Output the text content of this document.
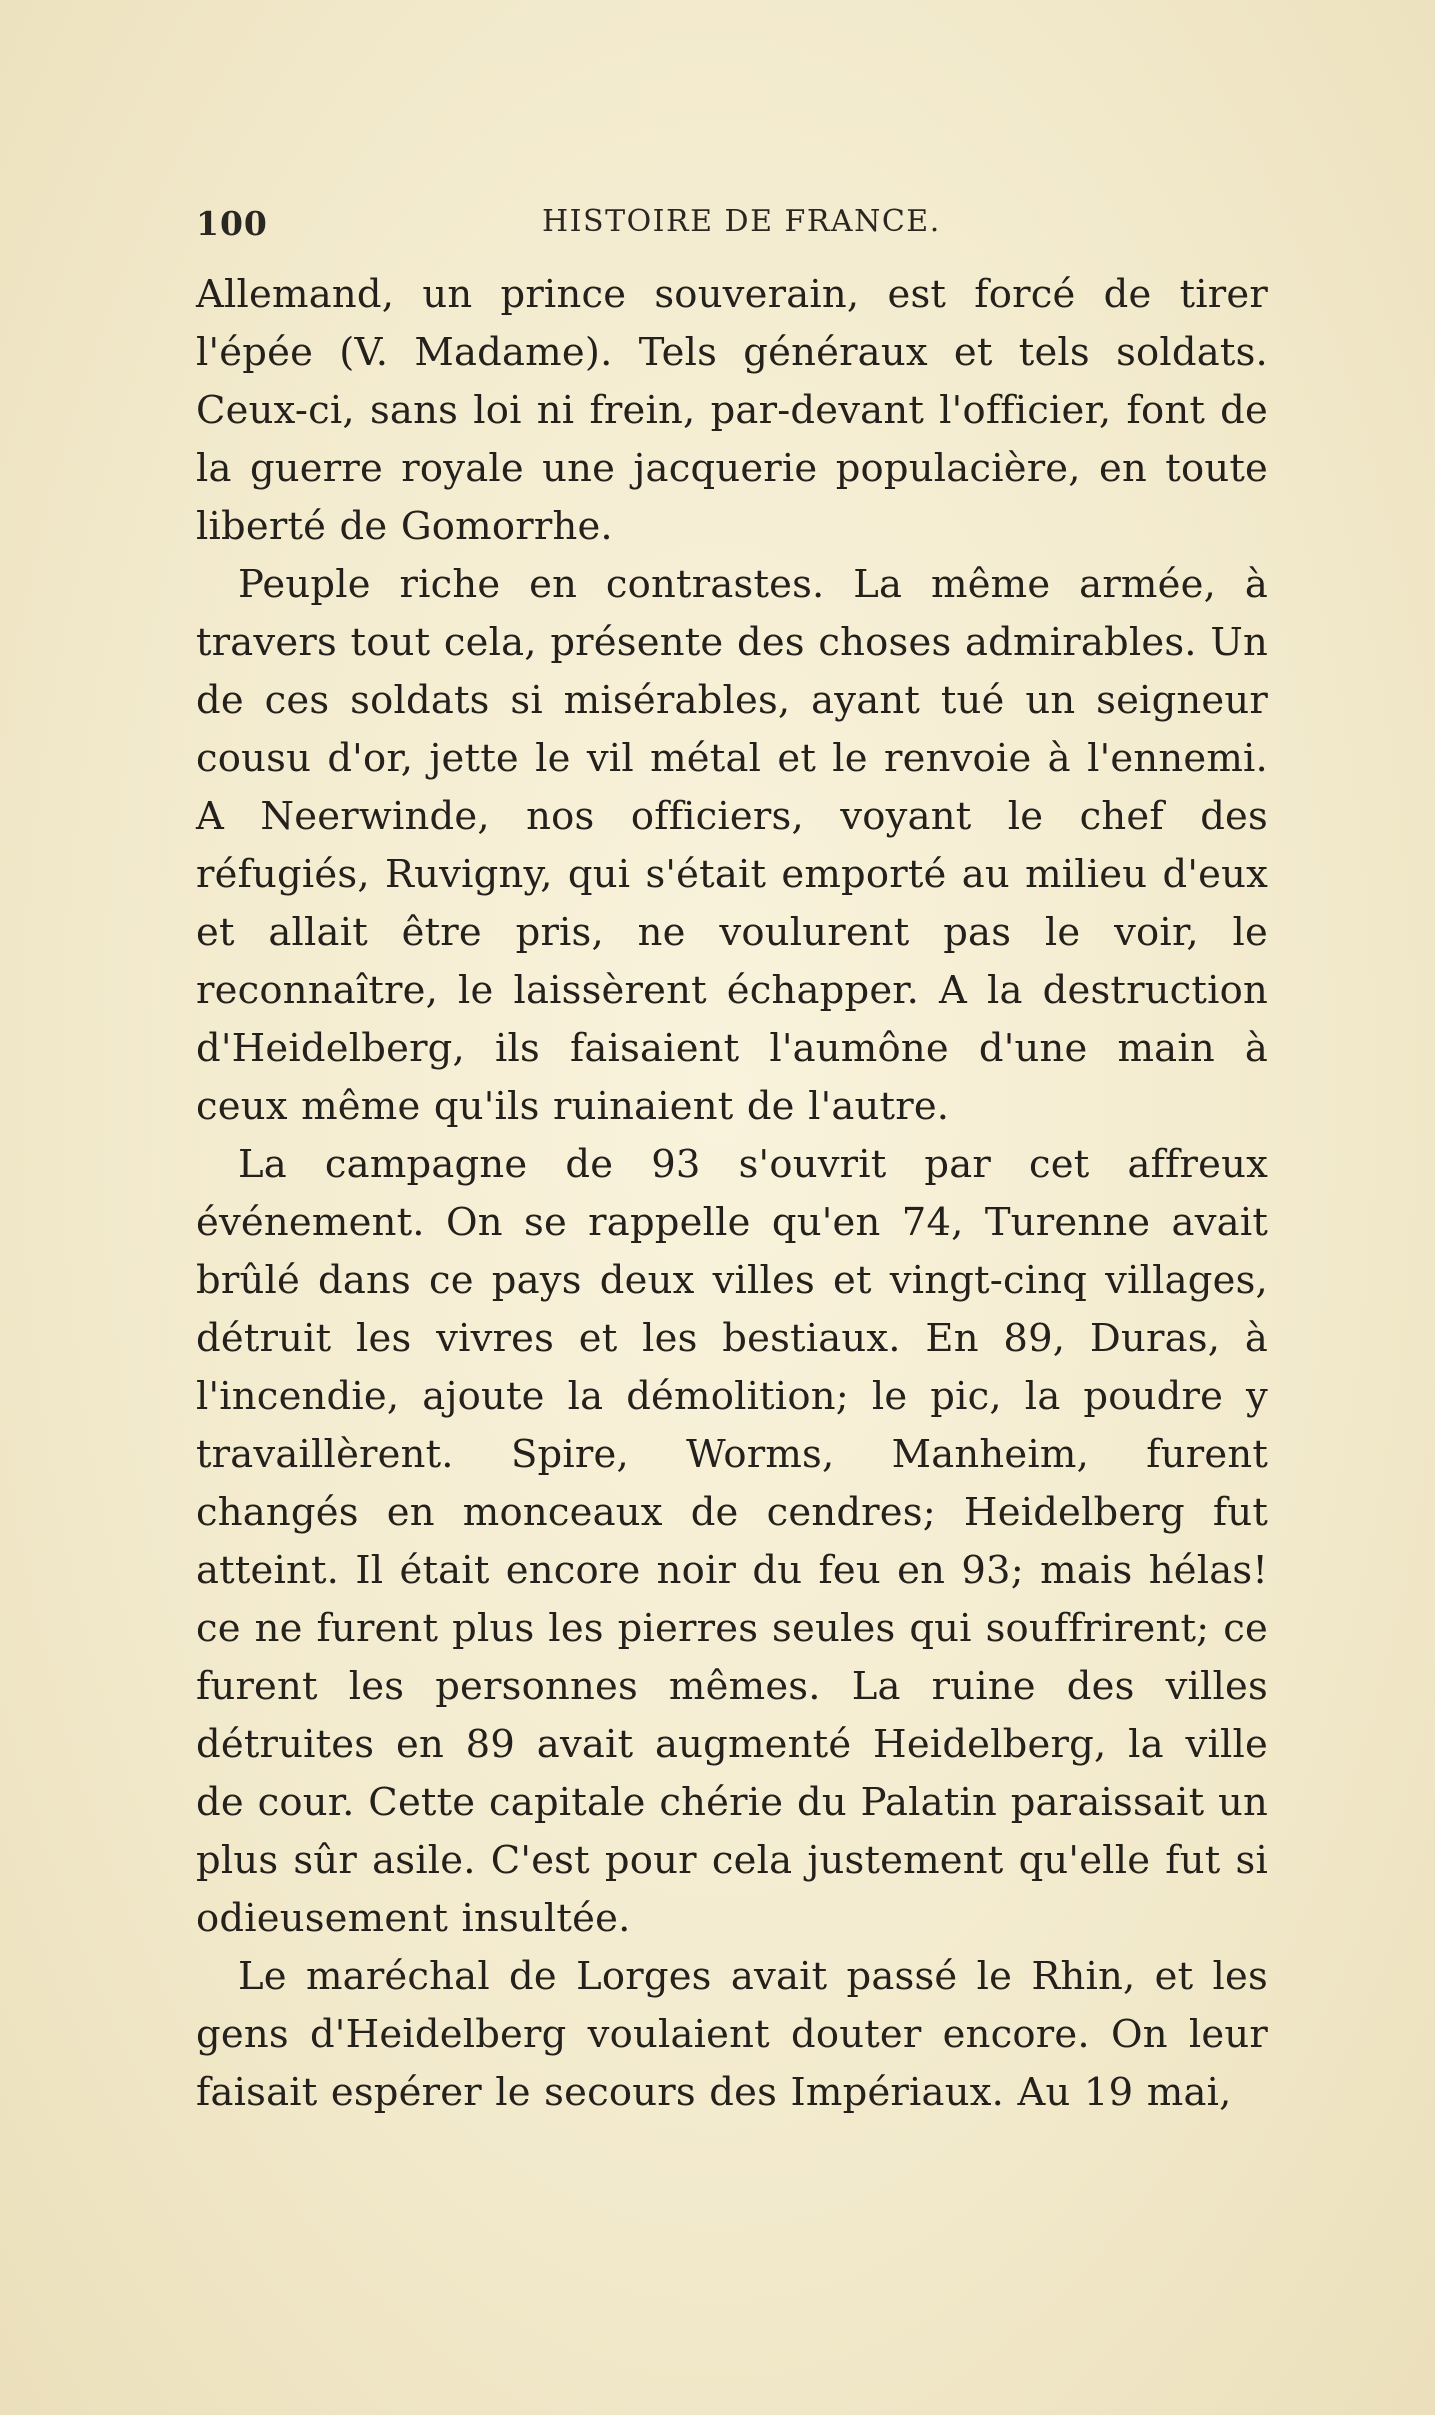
100	HISTOIRE DE FRANCE.

Allemand, un prince souverain, est forcé de tirer l'épée (V. Madame). Tels généraux et tels soldats. Ceux-ci, sans loi ni frein, par-devant l'officier, font de la guerre royale une jacquerie populacière, en toute liberté de Gomorrhe.

Peuple riche en contrastes. La même armée, à travers tout cela, présente des choses admirables. Un de ces soldats si misérables, ayant tué un seigneur cousu d'or, jette le vil métal et le renvoie à l'ennemi. A Neerwinde, nos officiers, voyant le chef des réfugiés, Ruvigny, qui s'était emporté au milieu d'eux et allait être pris, ne voulurent pas le voir, le reconnaître, le laissèrent échapper. A la destruction d'Heidelberg, ils faisaient l'aumône d'une main à ceux même qu'ils ruinaient de l'autre.

La campagne de 93 s'ouvrit par cet affreux événement. On se rappelle qu'en 74, Turenne avait brûlé dans ce pays deux villes et vingt-cinq villages, détruit les vivres et les bestiaux. En 89, Duras, à l'incendie, ajoute la démolition; le pic, la poudre y travaillèrent. Spire, Worms, Manheim, furent changés en monceaux de cendres; Heidelberg fut atteint. Il était encore noir du feu en 93; mais hélas! ce ne furent plus les pierres seules qui souffrirent; ce furent les personnes mêmes. La ruine des villes détruites en 89 avait augmenté Heidelberg, la ville de cour. Cette capitale chérie du Palatin paraissait un plus sûr asile. C'est pour cela justement qu'elle fut si odieusement insultée.

Le maréchal de Lorges avait passé le Rhin, et les gens d'Heidelberg voulaient douter encore. On leur faisait espérer le secours des Impériaux. Au 19 mai,
